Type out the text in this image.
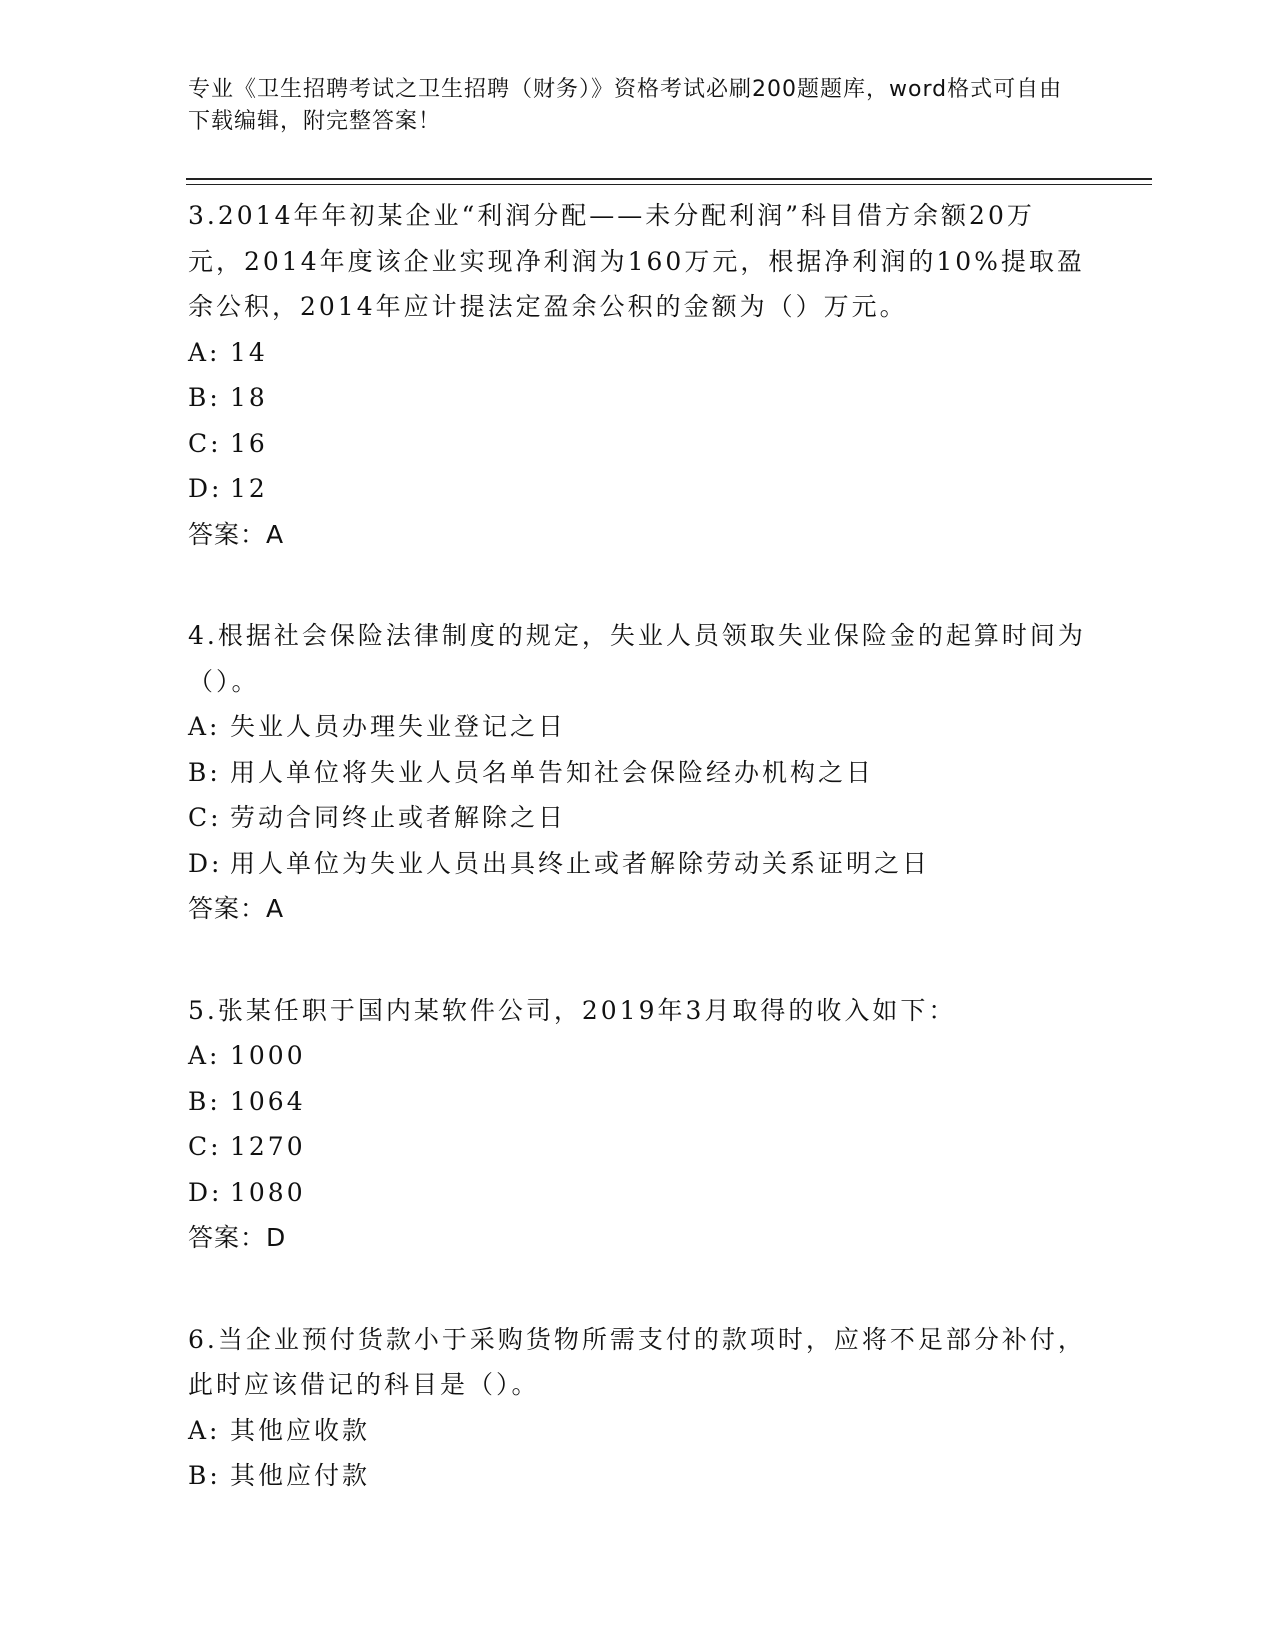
专业《卫生招聘考试之卫生招聘（财务）》资格考试必刷200题题库，word格式可自由下载编辑，附完整答案！

3.2014年年初某企业“利润分配——未分配利润”科目借方余额20万元，2014年度该企业实现净利润为160万元，根据净利润的10%提取盈余公积，2014年应计提法定盈余公积的金额为（）万元。

A: 14

B: 18

C: 16

D: 12

答案：A

4.根据社会保险法律制度的规定，失业人员领取失业保险金的起算时间为（）。

A: 失业人员办理失业登记之日

B: 用人单位将失业人员名单告知社会保险经办机构之日

C: 劳动合同终止或者解除之日

D: 用人单位为失业人员出具终止或者解除劳动关系证明之日

答案：A

5.张某任职于国内某软件公司，2019年3月取得的收入如下：

A: 1000

B: 1064

C: 1270

D: 1080

答案：D

6.当企业预付货款小于采购货物所需支付的款项时，应将不足部分补付，此时应该借记的科目是（）。

A: 其他应收款

B: 其他应付款
